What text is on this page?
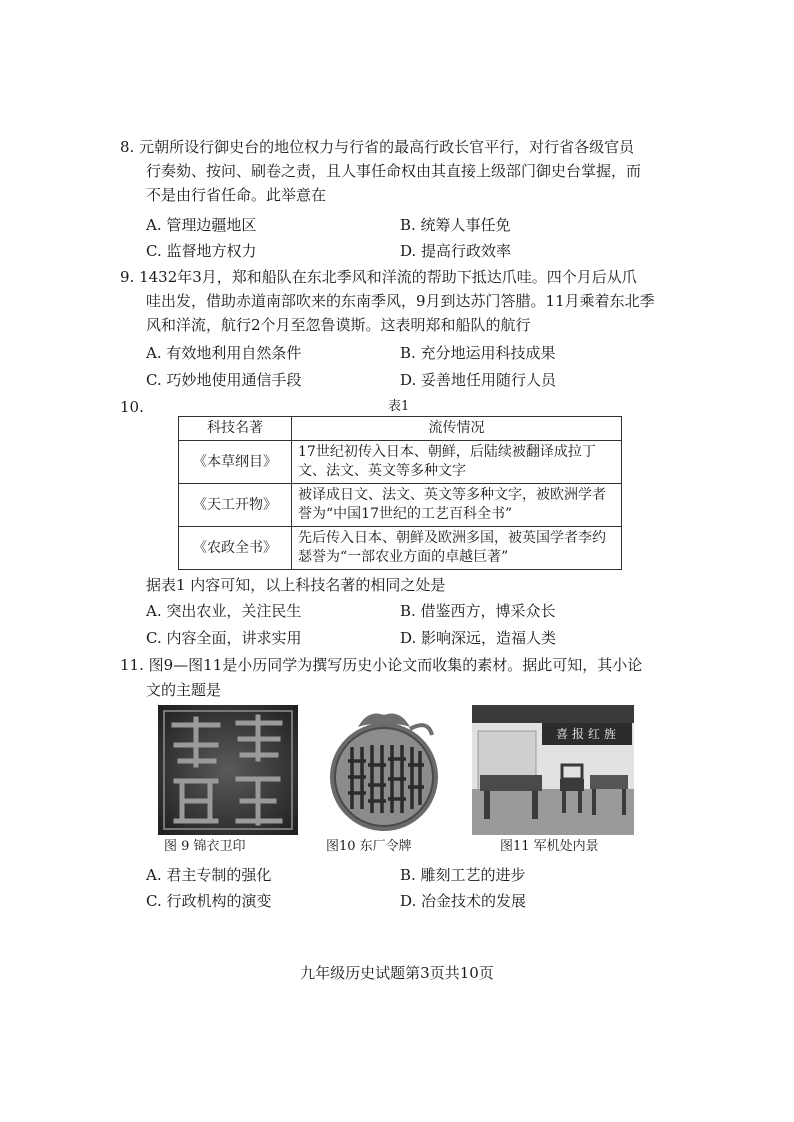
8. 元朝所设行御史台的地位权力与行省的最高行政长官平行，对行省各级官员
行奏劾、按问、刷卷之责，且人事任命权由其直接上级部门御史台掌握，而
不是由行省任命。此举意在
A. 管理边疆地区	B. 统筹人事任免
C. 监督地方权力	D. 提高行政效率
9. 1432年3月，郑和船队在东北季风和洋流的帮助下抵达爪哇。四个月后从爪
哇出发，借助赤道南部吹来的东南季风，9月到达苏门答腊。11月乘着东北季
风和洋流，航行2个月至忽鲁谟斯。这表明郑和船队的航行
A. 有效地利用自然条件	B. 充分地运用科技成果
C. 巧妙地使用通信手段	D. 妥善地任用随行人员
10.	表1
科技名著	流传情况
《本草纲目》	17世纪初传入日本、朝鲜，后陆续被翻译成拉丁文、法文、英文等多种文字
《天工开物》	被译成日文、法文、英文等多种文字，被欧洲学者誉为“中国17世纪的工艺百科全书”
《农政全书》	先后传入日本、朝鲜及欧洲多国，被英国学者李约瑟誉为“一部农业方面的卓越巨著”
据表1 内容可知，以上科技名著的相同之处是
A. 突出农业，关注民生	B. 借鉴西方，博采众长
C. 内容全面，讲求实用	D. 影响深远，造福人类
11. 图9—图11是小历同学为撰写历史小论文而收集的素材。据此可知，其小论
文的主题是
喜报红旌
图 9 锦衣卫印	图10 东厂令牌	图11 军机处内景
A. 君主专制的强化	B. 雕刻工艺的进步
C. 行政机构的演变	D. 冶金技术的发展
九年级历史试题第3页共10页
